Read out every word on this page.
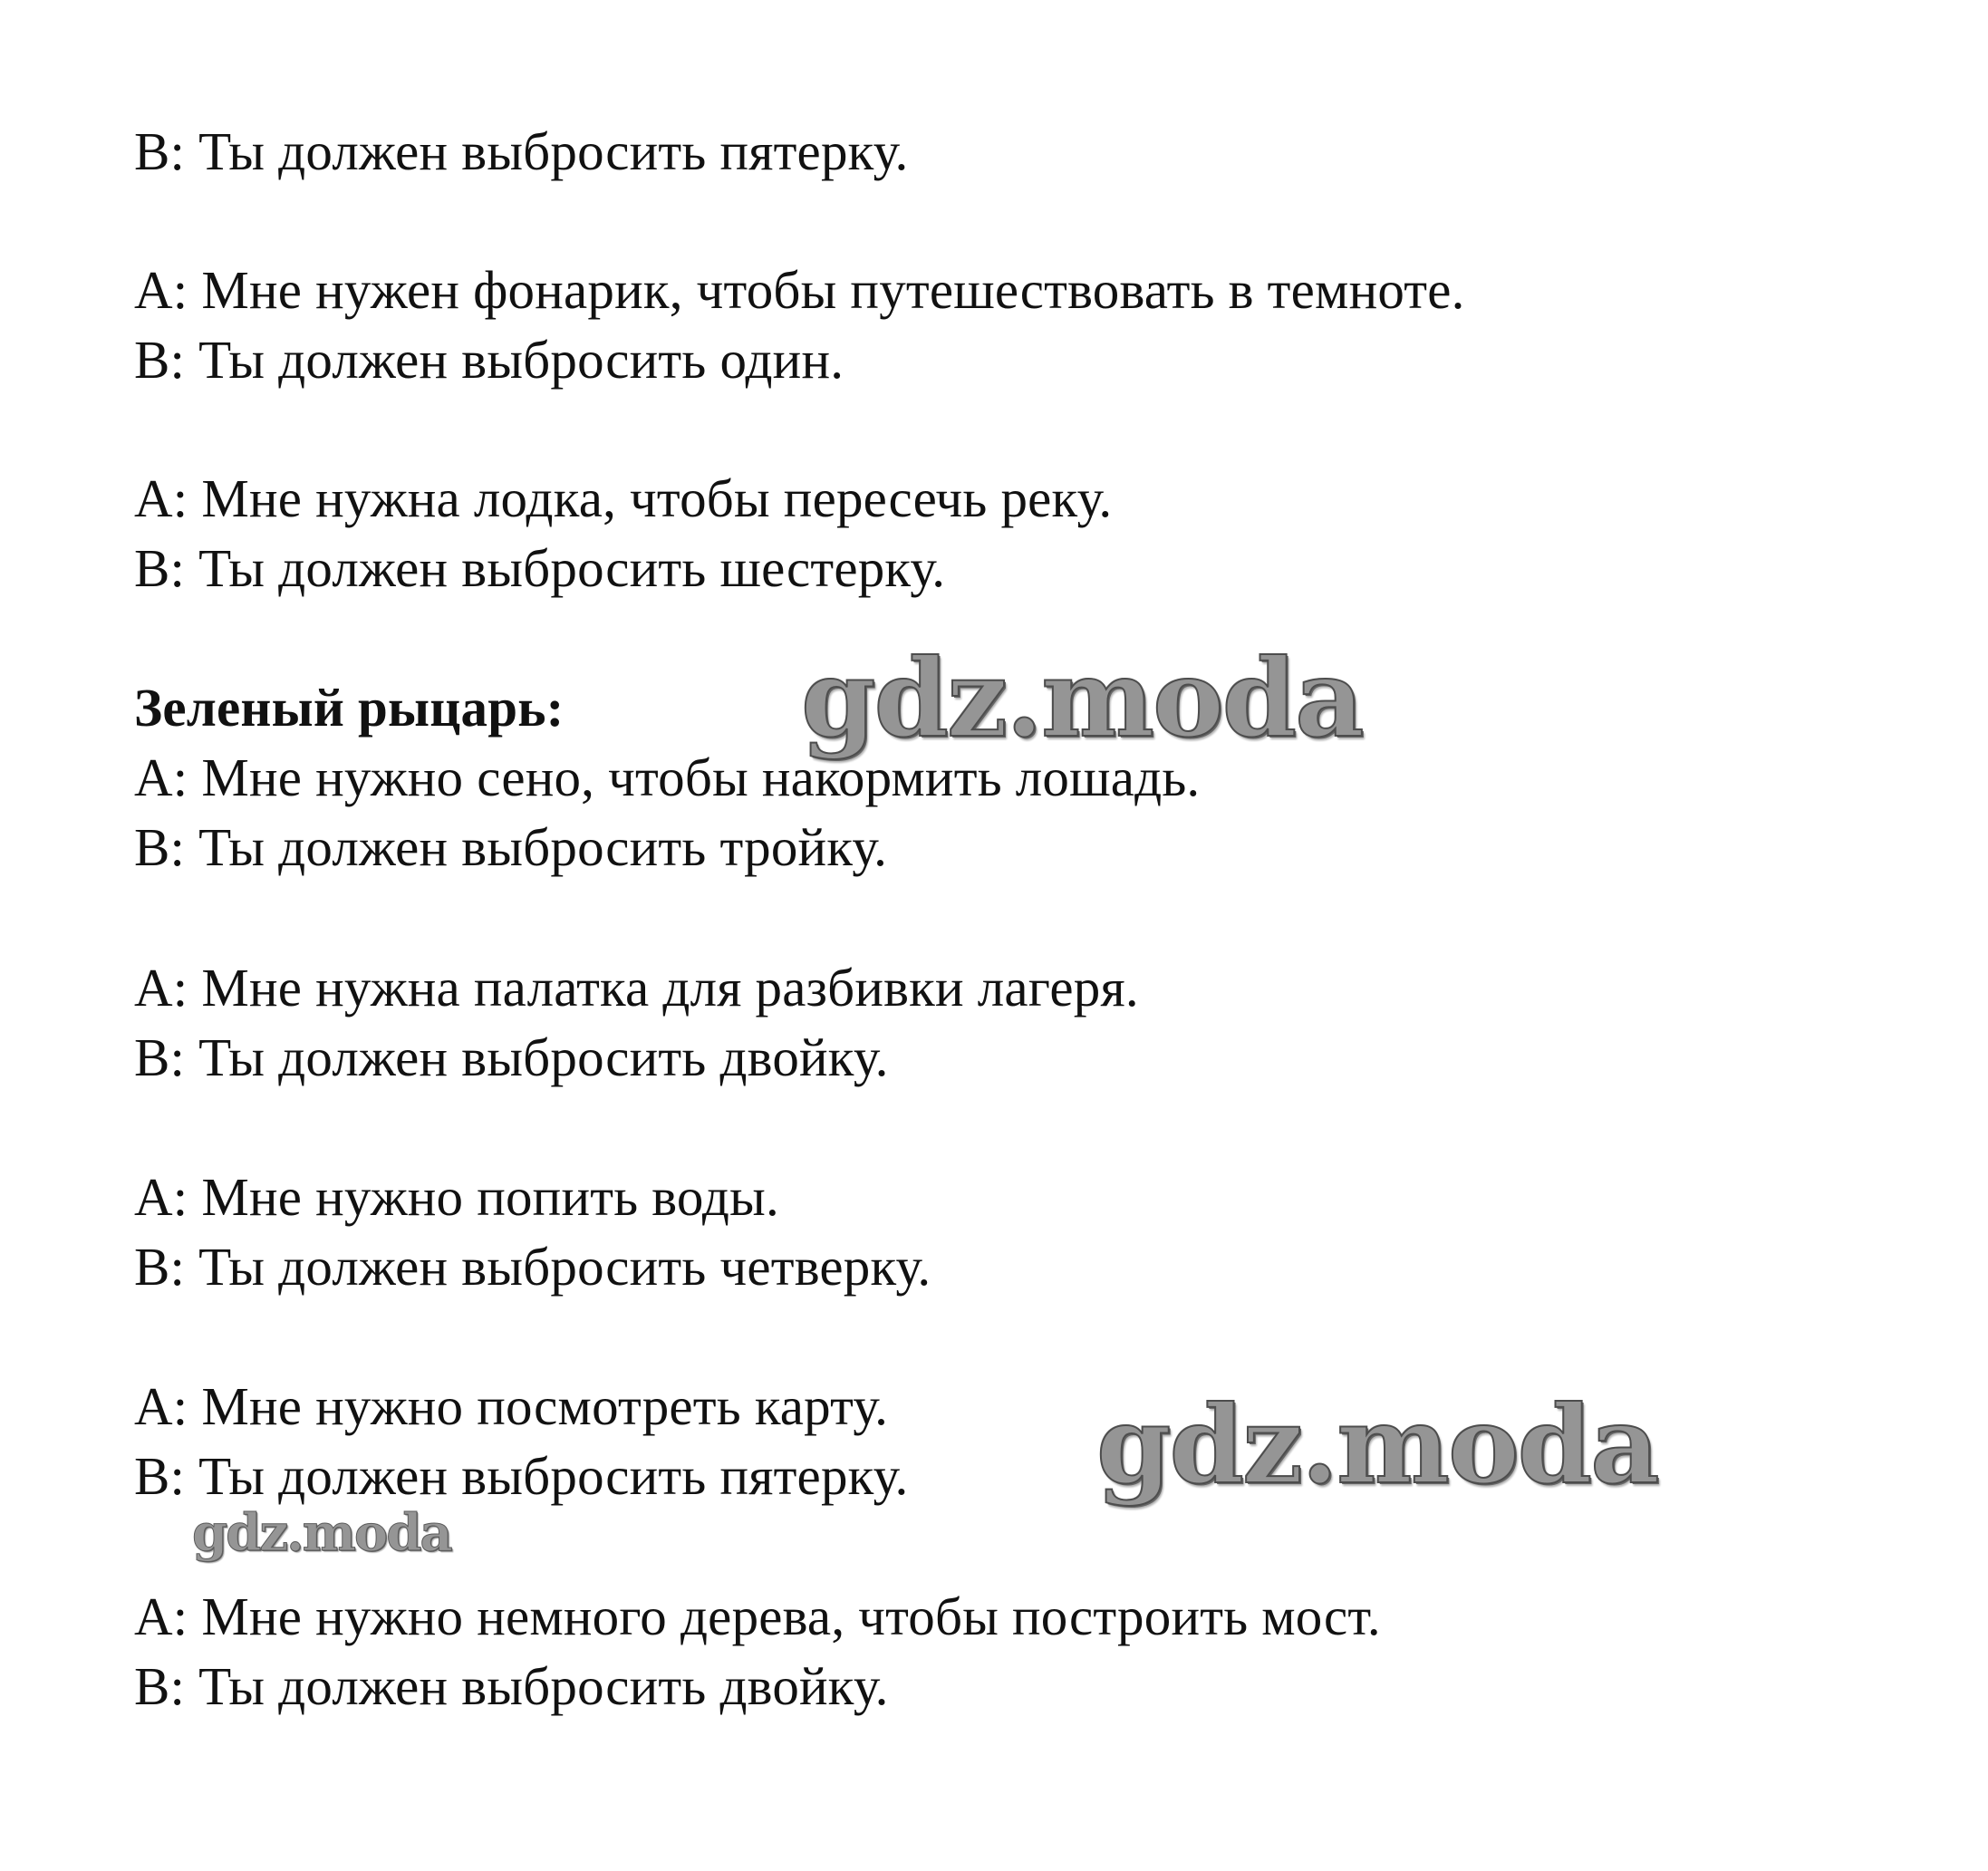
B: Ты должен выбросить пятерку.
A: Мне нужен фонарик, чтобы путешествовать в темноте.
B: Ты должен выбросить один.
A: Мне нужна лодка, чтобы пересечь реку.
B: Ты должен выбросить шестерку.
Зеленый рыцарь:
A: Мне нужно сено, чтобы накормить лошадь.
B: Ты должен выбросить тройку.
A: Мне нужна палатка для разбивки лагеря.
B: Ты должен выбросить двойку.
A: Мне нужно попить воды.
B: Ты должен выбросить четверку.
A: Мне нужно посмотреть карту.
B: Ты должен выбросить пятерку.
A: Мне нужно немного дерева, чтобы построить мост.
B: Ты должен выбросить двойку.
gdz.moda
gdz.moda
gdz.moda
